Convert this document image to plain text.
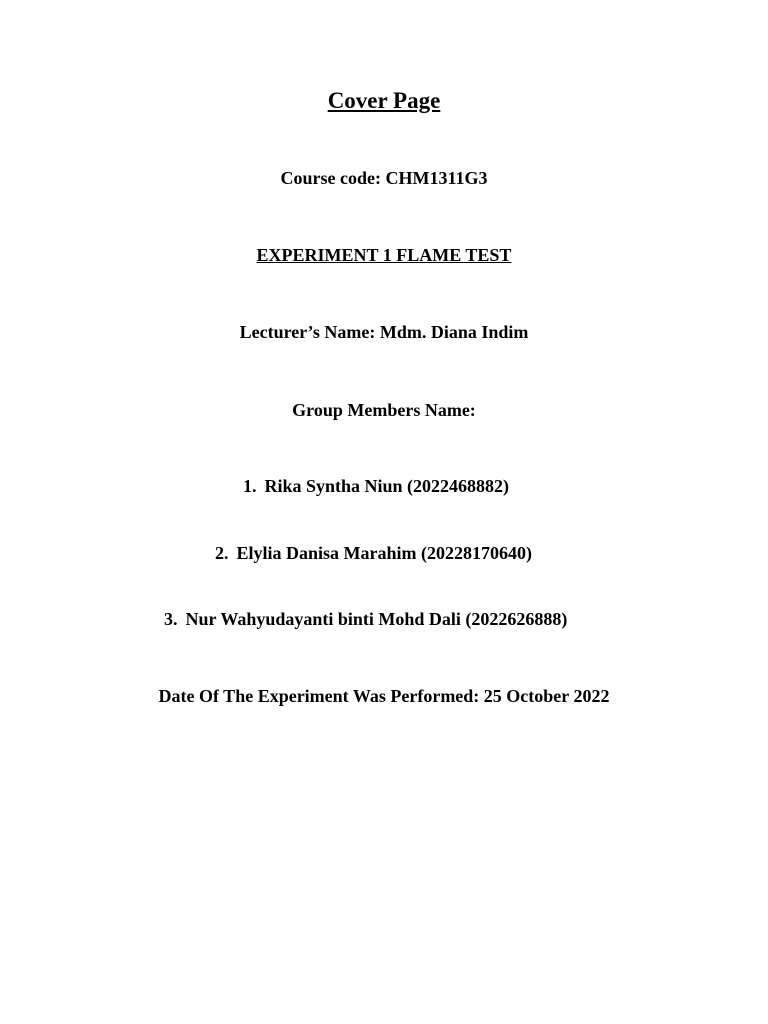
Cover Page
Course code: CHM1311G3
EXPERIMENT 1 FLAME TEST
Lecturer’s Name: Mdm. Diana Indim
Group Members Name:
1. Rika Syntha Niun (2022468882)
2. Elylia Danisa Marahim (20228170640)
3. Nur Wahyudayanti binti Mohd Dali (2022626888)
Date Of The Experiment Was Performed: 25 October 2022
